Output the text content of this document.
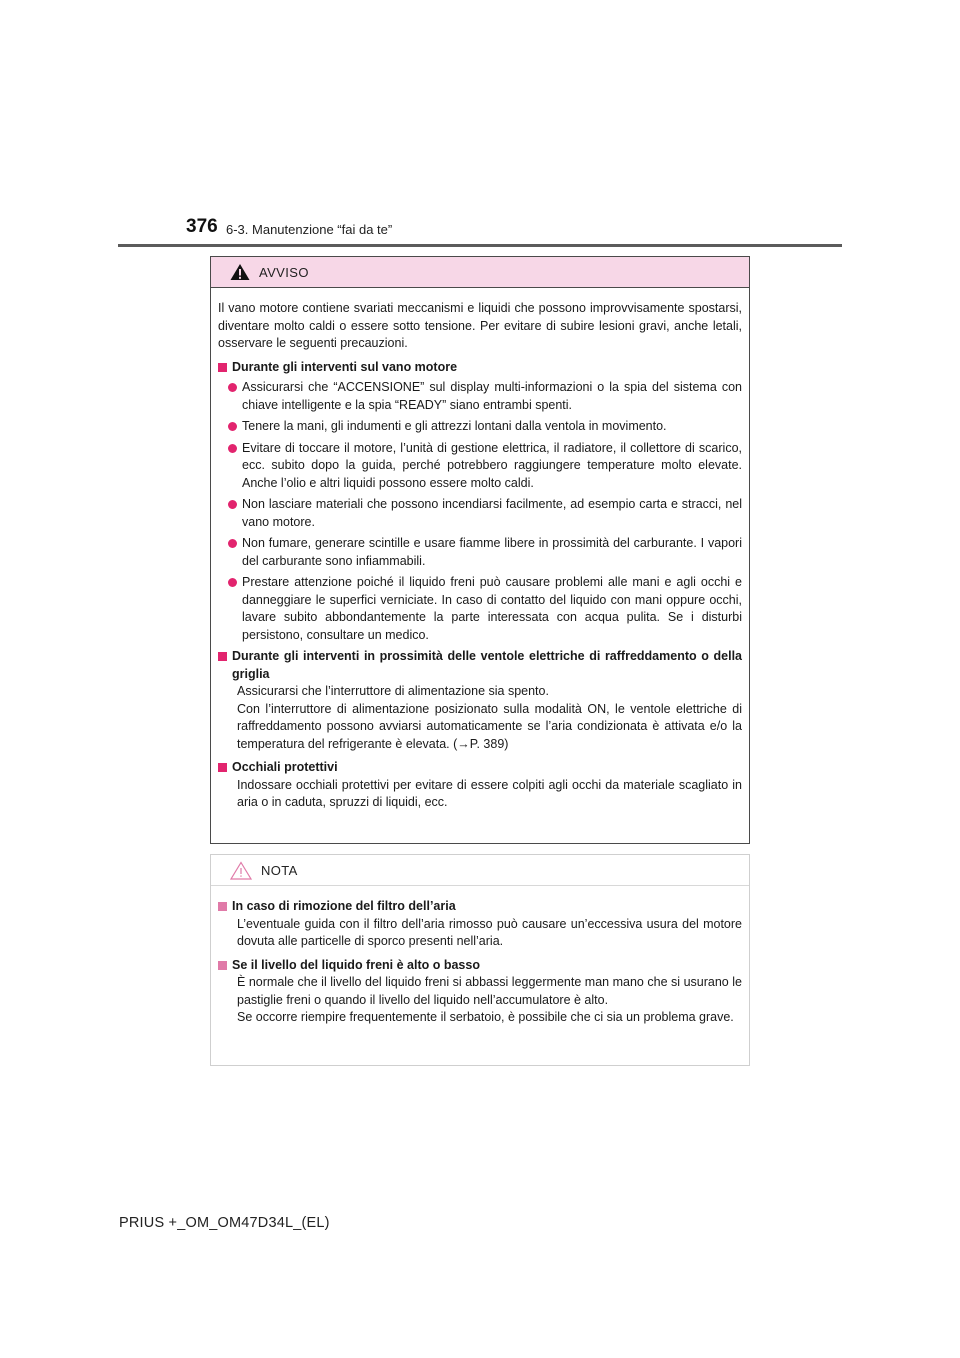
376 6-3. Manutenzione “fai da te”
AVVISO

Il vano motore contiene svariati meccanismi e liquidi che possono improvvisamente spostarsi, diventare molto caldi o essere sotto tensione. Per evitare di subire lesioni gravi, anche letali, osservare le seguenti precauzioni.

Durante gli interventi sul vano motore
Assicurarsi che “ACCENSIONE” sul display multi-informazioni o la spia del sistema con chiave intelligente e la spia “READY” siano entrambi spenti.
Tenere la mani, gli indumenti e gli attrezzi lontani dalla ventola in movimento.
Evitare di toccare il motore, l’unità di gestione elettrica, il radiatore, il collettore di scarico, ecc. subito dopo la guida, perché potrebbero raggiungere temperature molto elevate. Anche l’olio e altri liquidi possono essere molto caldi.
Non lasciare materiali che possono incendiarsi facilmente, ad esempio carta e stracci, nel vano motore.
Non fumare, generare scintille e usare fiamme libere in prossimità del carburante. I vapori del carburante sono infiammabili.
Prestare attenzione poiché il liquido freni può causare problemi alle mani e agli occhi e danneggiare le superfici verniciate. In caso di contatto del liquido con mani oppure occhi, lavare subito abbondantemente la parte interessata con acqua pulita. Se i disturbi persistono, consultare un medico.
Durante gli interventi in prossimità delle ventole elettriche di raffreddamento o della griglia

Assicurarsi che l’interruttore di alimentazione sia spento.

Con l’interruttore di alimentazione posizionato sulla modalità ON, le ventole elettriche di raffreddamento possono avviarsi automaticamente se l’aria condizionata è attivata e/o la temperatura del refrigerante è elevata. (→P. 389)

Occhiali protettivi

Indossare occhiali protettivi per evitare di essere colpiti agli occhi da materiale scagliato in aria o in caduta, spruzzi di liquidi, ecc.

NOTA
In caso di rimozione del filtro dell’aria

L’eventuale guida con il filtro dell’aria rimosso può causare un’eccessiva usura del motore dovuta alle particelle di sporco presenti nell’aria.

Se il livello del liquido freni è alto o basso

È normale che il livello del liquido freni si abbassi leggermente man mano che si usurano le pastiglie freni o quando il livello del liquido nell’accumulatore è alto.

Se occorre riempire frequentemente il serbatoio, è possibile che ci sia un problema grave.

PRIUS +_OM_OM47D34L_(EL)
